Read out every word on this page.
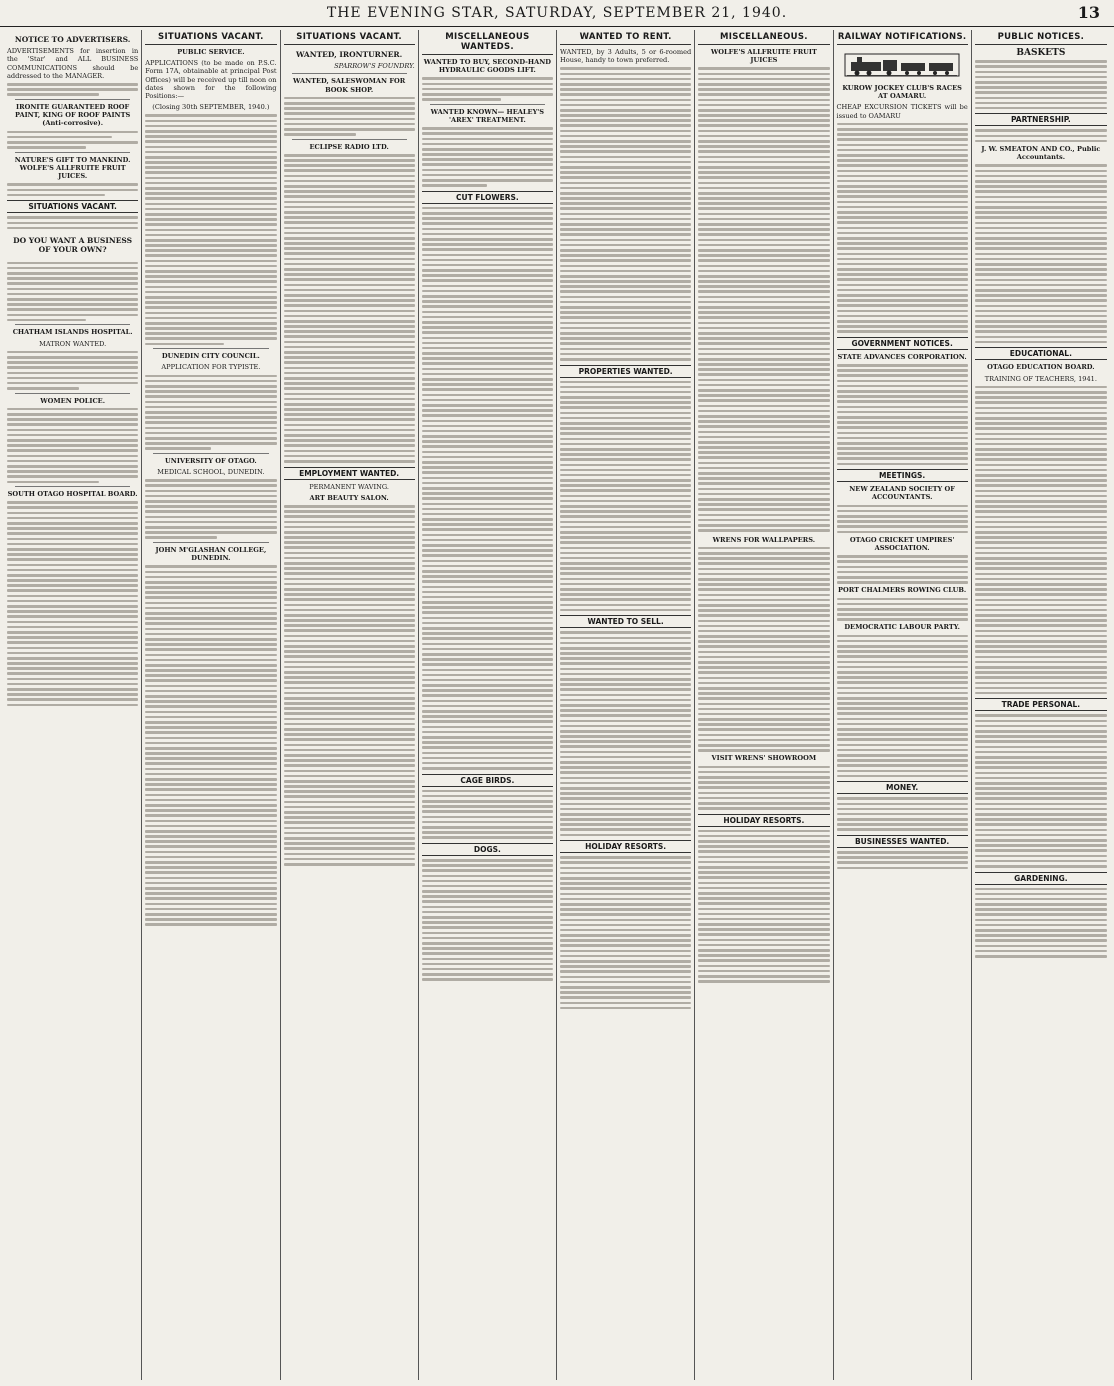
THE EVENING STAR, SATURDAY, SEPTEMBER 21, 1940.	13
NOTICE TO ADVERTISERS.
ADVERTISEMENTS for insertion in the 'Star' and ALL BUSINESS COMMUNICATIONS should be addressed to the MANAGER.
IRONITE GUARANTEED ROOF PAINT, KING OF ROOF PAINTS (Anti-corrosive).
NATURE'S GIFT TO MANKIND. WOLFE'S ALLFRUITE FRUIT JUICES.
SITUATIONS VACANT.
DO YOU WANT A BUSINESS OF YOUR OWN?
CHATHAM ISLANDS HOSPITAL.
MATRON WANTED.
WOMEN POLICE.
SOUTH OTAGO HOSPITAL BOARD.
SITUATIONS VACANT.
PUBLIC SERVICE.
APPLICATIONS (to be made on P.S.C. Form 17A, obtainable at principal Post Offices) will be received up till noon on dates shown for the following Positions:—
(Closing 30th SEPTEMBER, 1940.)
DUNEDIN CITY COUNCIL.
APPLICATION FOR TYPISTE.
UNIVERSITY OF OTAGO.
MEDICAL SCHOOL, DUNEDIN.
JOHN M'GLASHAN COLLEGE, DUNEDIN.
SITUATIONS VACANT.
WANTED, IRONTURNER.
SPARROW'S FOUNDRY.
WANTED, SALESWOMAN FOR BOOK SHOP.
ECLIPSE RADIO LTD.
EMPLOYMENT WANTED.
PERMANENT WAVING.
ART BEAUTY SALON.
MISCELLANEOUS WANTEDS.
WANTED TO BUY, SECOND-HAND HYDRAULIC GOODS LIFT.
WANTED KNOWN— HEALEY'S 'AREX' TREATMENT.
CUT FLOWERS.
CAGE BIRDS.
DOGS.
WANTED TO RENT.
WANTED, by 3 Adults, 5 or 6-roomed House, handy to town preferred.
PROPERTIES WANTED.
WANTED TO SELL.
HOLIDAY RESORTS.
MISCELLANEOUS.
WOLFE'S ALLFRUITE FRUIT JUICES
WRENS FOR WALLPAPERS.
VISIT WRENS' SHOWROOM
HOLIDAY RESORTS.
RAILWAY NOTIFICATIONS.
KUROW JOCKEY CLUB'S RACES AT OAMARU.
CHEAP EXCURSION TICKETS will be issued to OAMARU
GOVERNMENT NOTICES.
STATE ADVANCES CORPORATION.
MEETINGS.
NEW ZEALAND SOCIETY OF ACCOUNTANTS.
OTAGO CRICKET UMPIRES' ASSOCIATION.
PORT CHALMERS ROWING CLUB.
DEMOCRATIC LABOUR PARTY.
MONEY.
BUSINESSES WANTED.
PUBLIC NOTICES.
BASKETS
PARTNERSHIP.
J. W. SMEATON AND CO., Public Accountants.
EDUCATIONAL.
OTAGO EDUCATION BOARD.
TRAINING OF TEACHERS, 1941.
TRADE PERSONAL.
GARDENING.
